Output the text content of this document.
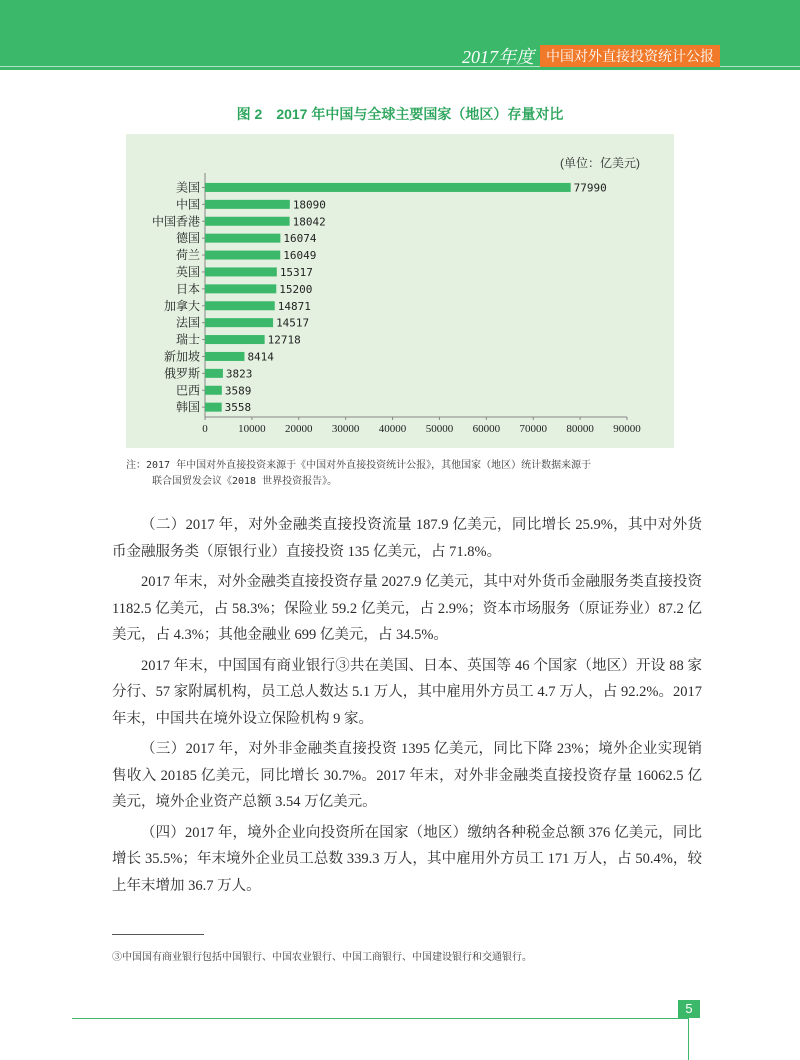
2017年度 中国对外直接投资统计公报
图 2　2017 年中国与全球主要国家（地区）存量对比
(单位：亿美元)
美国	77990
中国	18090
中国香港	18042
德国	16074
荷兰	16049
英国	15317
日本	15200
加拿大	14871
法国	14517
瑞士	12718
新加坡	8414
俄罗斯 3823
巴西 3589
韩国 3558
0	10000 20000 30000 40000 50000 60000 70000 80000 90000
注：2017 年中国对外直接投资来源于《中国对外直接投资统计公报》，其他国家（地区）统计数据来源于
联合国贸发会议《2018 世界投资报告》。

（二）2017 年，对外金融类直接投资流量 187.9 亿美元，同比增长 25.9%，其中对外货币金融服务类（原银行业）直接投资 135 亿美元，占 71.8%。

2017 年末，对外金融类直接投资存量 2027.9 亿美元，其中对外货币金融服务类直接投资 1182.5 亿美元，占 58.3%；保险业 59.2 亿美元，占 2.9%；资本市场服务（原证券业）87.2 亿美元，占 4.3%；其他金融业 699 亿美元，占 34.5%。

2017 年末，中国国有商业银行③共在美国、日本、英国等 46 个国家（地区）开设 88 家分行、57 家附属机构，员工总人数达 5.1 万人，其中雇用外方员工 4.7 万人，占 92.2%。2017 年末，中国共在境外设立保险机构 9 家。

（三）2017 年，对外非金融类直接投资 1395 亿美元，同比下降 23%；境外企业实现销售收入 20185 亿美元，同比增长 30.7%。2017 年末，对外非金融类直接投资存量 16062.5 亿美元，境外企业资产总额 3.54 万亿美元。

（四）2017 年，境外企业向投资所在国家（地区）缴纳各种税金总额 376 亿美元，同比增长 35.5%；年末境外企业员工总数 339.3 万人，其中雇用外方员工 171 万人，占 50.4%，较上年末增加 36.7 万人。

③中国国有商业银行包括中国银行、中国农业银行、中国工商银行、中国建设银行和交通银行。
5
